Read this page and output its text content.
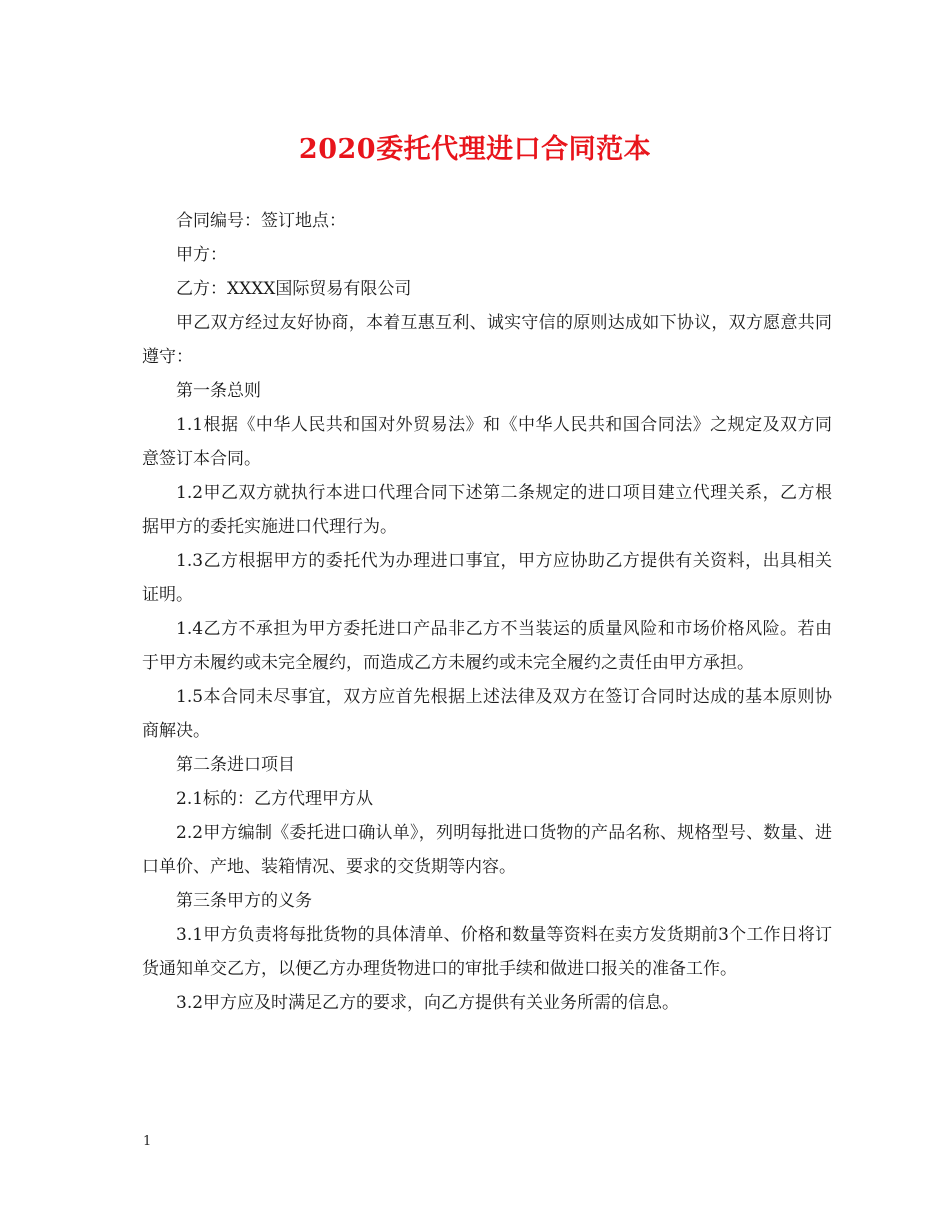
2020委托代理进口合同范本

合同编号：签订地点：

甲方：

乙方：XXXX国际贸易有限公司

甲乙双方经过友好协商，本着互惠互利、诚实守信的原则达成如下协议，双方愿意共同遵守：

第一条总则

1.1根据《中华人民共和国对外贸易法》和《中华人民共和国合同法》之规定及双方同意签订本合同。

1.2甲乙双方就执行本进口代理合同下述第二条规定的进口项目建立代理关系，乙方根据甲方的委托实施进口代理行为。

1.3乙方根据甲方的委托代为办理进口事宜，甲方应协助乙方提供有关资料，出具相关证明。

1.4乙方不承担为甲方委托进口产品非乙方不当装运的质量风险和市场价格风险。若由于甲方未履约或未完全履约，而造成乙方未履约或未完全履约之责任由甲方承担。

1.5本合同未尽事宜，双方应首先根据上述法律及双方在签订合同时达成的基本原则协商解决。

第二条进口项目

2.1标的：乙方代理甲方从

2.2甲方编制《委托进口确认单》，列明每批进口货物的产品名称、规格型号、数量、进口单价、产地、装箱情况、要求的交货期等内容。

第三条甲方的义务

3.1甲方负责将每批货物的具体清单、价格和数量等资料在卖方发货期前3个工作日将订货通知单交乙方，以便乙方办理货物进口的审批手续和做进口报关的准备工作。

3.2甲方应及时满足乙方的要求，向乙方提供有关业务所需的信息。

1
